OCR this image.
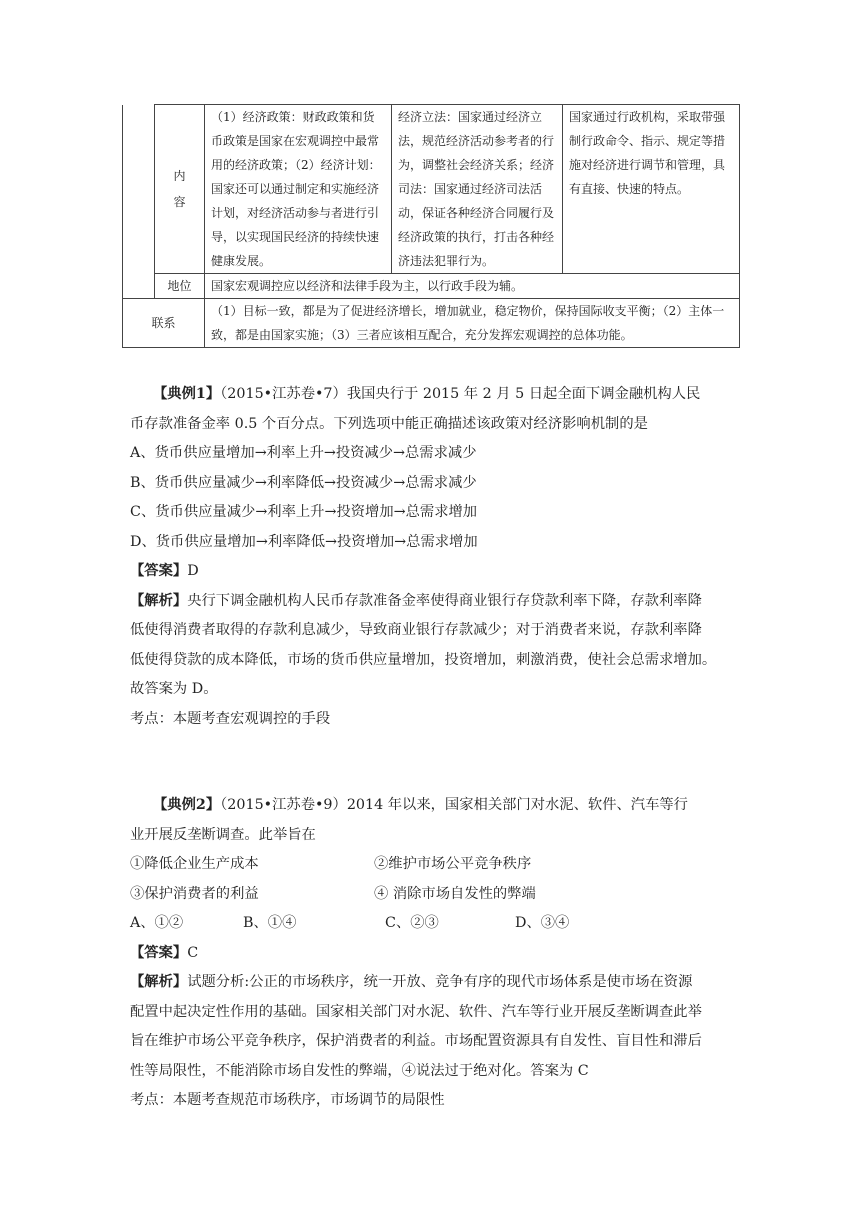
	内
容	（1）经济政策：财政政策和货币政策是国家在宏观调控中最常用的经济政策；（2）经济计划：国家还可以通过制定和实施经济计划，对经济活动参与者进行引导，以实现国民经济的持续快速健康发展。	经济立法：国家通过经济立法，规范经济活动参考者的行为，调整社会经济关系；经济司法：国家通过经济司法活动，保证各种经济合同履行及经济政策的执行，打击各种经济违法犯罪行为。	国家通过行政机构，采取带强制行政命令、指示、规定等措施对经济进行调节和管理，具有直接、快速的特点。
	地位	国家宏观调控应以经济和法律手段为主，以行政手段为辅。		
联系		（1）目标一致，都是为了促进经济增长，增加就业，稳定物价，保持国际收支平衡；（2）主体一致，都是由国家实施；（3）三者应该相互配合，充分发挥宏观调控的总体功能。		
【典例1】（2015•江苏卷•7）我国央行于 2015 年 2 月 5 日起全面下调金融机构人民
币存款准备金率 0.5 个百分点。下列选项中能正确描述该政策对经济影响机制的是
A、货币供应量增加→利率上升→投资减少→总需求减少
B、货币供应量减少→利率降低→投资减少→总需求减少
C、货币供应量减少→利率上升→投资增加→总需求增加
D、货币供应量增加→利率降低→投资增加→总需求增加
【答案】D
【解析】央行下调金融机构人民币存款准备金率使得商业银行存贷款利率下降，存款利率降
低使得消费者取得的存款利息减少，导致商业银行存款减少；对于消费者来说，存款利率降
低使得贷款的成本降低，市场的货币供应量增加，投资增加，刺激消费，使社会总需求增加。
故答案为 D。
考点：本题考查宏观调控的手段
【典例2】（2015•江苏卷•9）2014 年以来，国家相关部门对水泥、软件、汽车等行
业开展反垄断调查。此举旨在
①降低企业生产成本	②维护市场公平竞争秩序
③保护消费者的利益	④ 消除市场自发性的弊端
A、①②	B、①④	C、②③	D、③④
【答案】C
【解析】试题分析:公正的市场秩序，统一开放、竞争有序的现代市场体系是使市场在资源
配置中起决定性作用的基础。国家相关部门对水泥、软件、汽车等行业开展反垄断调查此举
旨在维护市场公平竞争秩序，保护消费者的利益。市场配置资源具有自发性、盲目性和滞后
性等局限性，不能消除市场自发性的弊端，④说法过于绝对化。答案为 C
考点：本题考查规范市场秩序，市场调节的局限性
